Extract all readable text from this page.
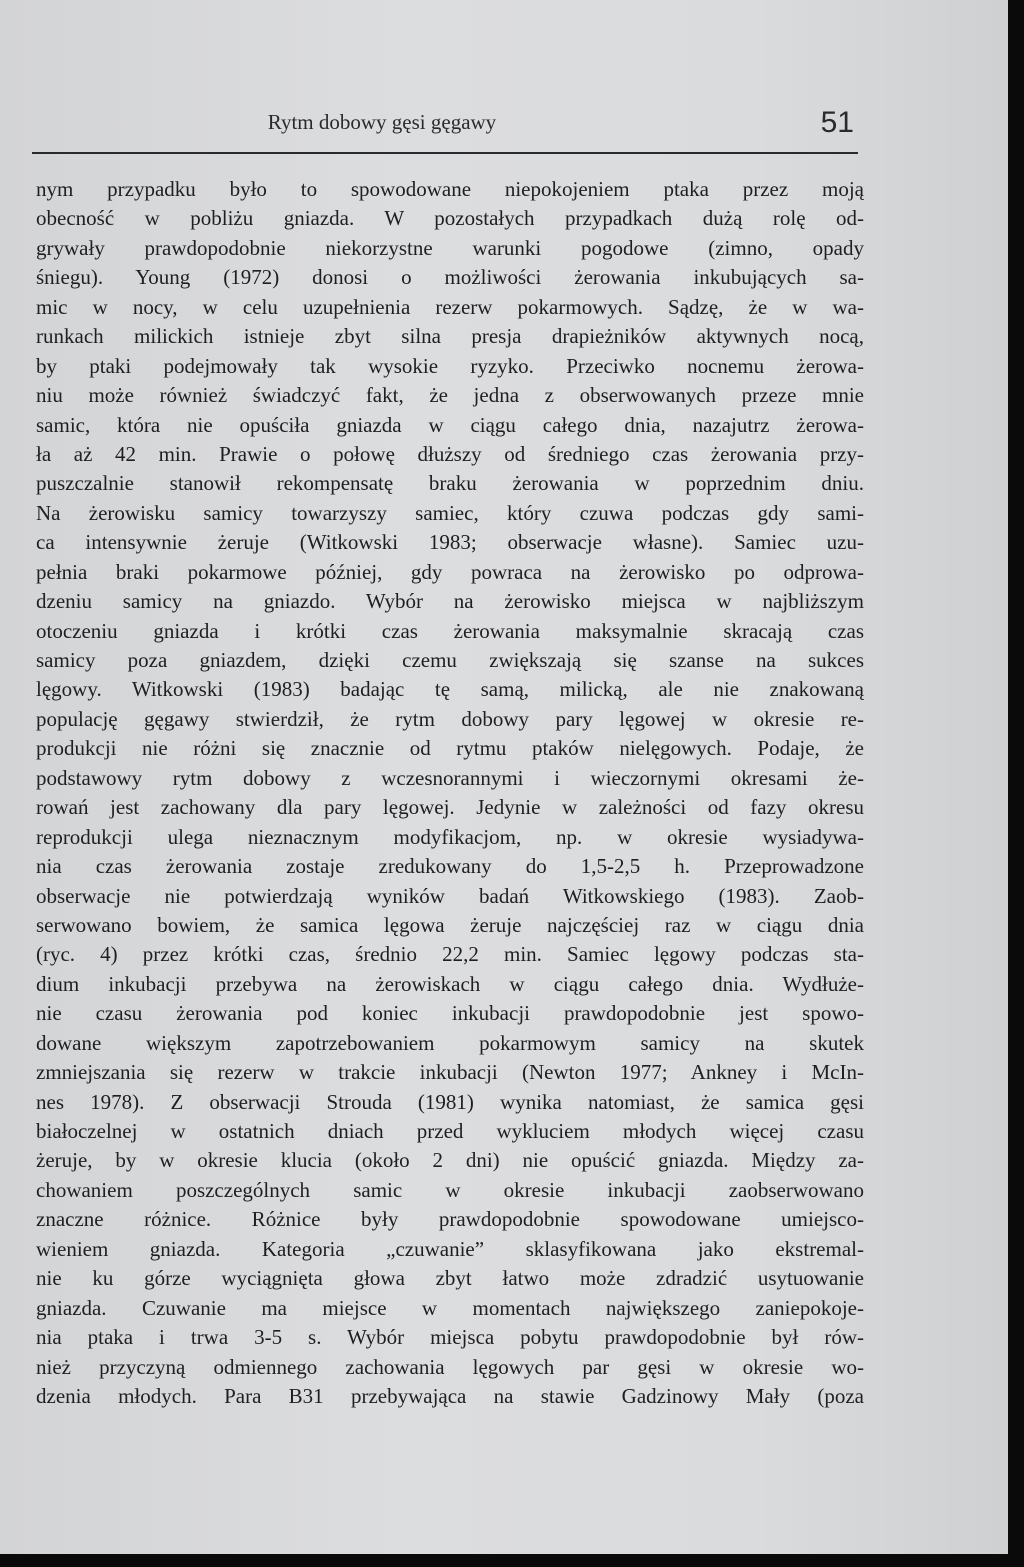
Rytm dobowy gęsi gęgawy	51
nym przypadku było to spowodowane niepokojeniem ptaka przez moją
obecność w pobliżu gniazda. W pozostałych przypadkach dużą rolę od-
grywały prawdopodobnie niekorzystne warunki pogodowe (zimno, opady
śniegu). Young (1972) donosi o możliwości żerowania inkubujących sa-
mic w nocy, w celu uzupełnienia rezerw pokarmowych. Sądzę, że w wa-
runkach milickich istnieje zbyt silna presja drapieżników aktywnych nocą,
by ptaki podejmowały tak wysokie ryzyko. Przeciwko nocnemu żerowa-
niu może również świadczyć fakt, że jedna z obserwowanych przeze mnie
samic, która nie opuściła gniazda w ciągu całego dnia, nazajutrz żerowa-
ła aż 42 min. Prawie o połowę dłuższy od średniego czas żerowania przy-
puszczalnie stanowił rekompensatę braku żerowania w poprzednim dniu.
Na żerowisku samicy towarzyszy samiec, który czuwa podczas gdy sami-
ca intensywnie żeruje (Witkowski 1983; obserwacje własne). Samiec uzu-
pełnia braki pokarmowe później, gdy powraca na żerowisko po odprowa-
dzeniu samicy na gniazdo. Wybór na żerowisko miejsca w najbliższym
otoczeniu gniazda i krótki czas żerowania maksymalnie skracają czas
samicy poza gniazdem, dzięki czemu zwiększają się szanse na sukces
lęgowy. Witkowski (1983) badając tę samą, milicką, ale nie znakowaną
populację gęgawy stwierdził, że rytm dobowy pary lęgowej w okresie re-
produkcji nie różni się znacznie od rytmu ptaków nielęgowych. Podaje, że
podstawowy rytm dobowy z wczesnorannymi i wieczornymi okresami że-
rowań jest zachowany dla pary lęgowej. Jedynie w zależności od fazy okresu
reprodukcji ulega nieznacznym modyfikacjom, np. w okresie wysiadywa-
nia czas żerowania zostaje zredukowany do 1,5-2,5 h. Przeprowadzone
obserwacje nie potwierdzają wyników badań Witkowskiego (1983). Zaob-
serwowano bowiem, że samica lęgowa żeruje najczęściej raz w ciągu dnia
(ryc. 4) przez krótki czas, średnio 22,2 min. Samiec lęgowy podczas sta-
dium inkubacji przebywa na żerowiskach w ciągu całego dnia. Wydłuże-
nie czasu żerowania pod koniec inkubacji prawdopodobnie jest spowo-
dowane większym zapotrzebowaniem pokarmowym samicy na skutek
zmniejszania się rezerw w trakcie inkubacji (Newton 1977; Ankney i McIn-
nes 1978). Z obserwacji Strouda (1981) wynika natomiast, że samica gęsi
białoczelnej w ostatnich dniach przed wykluciem młodych więcej czasu
żeruje, by w okresie klucia (około 2 dni) nie opuścić gniazda. Między za-
chowaniem poszczególnych samic w okresie inkubacji zaobserwowano
znaczne różnice. Różnice były prawdopodobnie spowodowane umiejsco-
wieniem gniazda. Kategoria „czuwanie” sklasyfikowana jako ekstremal-
nie ku górze wyciągnięta głowa zbyt łatwo może zdradzić usytuowanie
gniazda. Czuwanie ma miejsce w momentach największego zaniepokoje-
nia ptaka i trwa 3-5 s. Wybór miejsca pobytu prawdopodobnie był rów-
nież przyczyną odmiennego zachowania lęgowych par gęsi w okresie wo-
dzenia młodych. Para B31 przebywająca na stawie Gadzinowy Mały (poza
